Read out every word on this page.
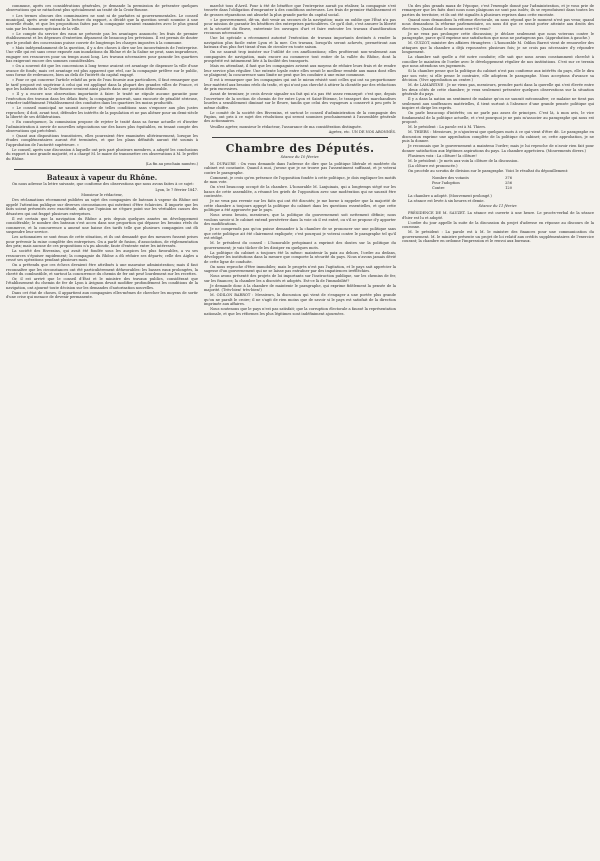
commune, après ces considérations générales, je demande la permission de présenter quelques observations qui se rattachent plus spécialement au traité de la Croix-Rousse.

« Les termes obscurs des commissaires ne sont ni de parfaites ni gouvernementales. Le conseil municipal, après avoir entendu la lecture du rapport, a décidé que la question serait soumise à une nouvelle étude, et que les propositions faites par la compagnie seraient examinées avec le plus grand soin par les hommes spéciaux de la ville.

« Le compte du service des eaux ne présente pas les avantages annoncés; les frais de premier établissement et les dépenses d'entretien dépassent de beaucoup les prévisions. Il est permis de douter que le produit des concessions puisse couvrir de longtemps les charges imposées à la commune.

« Mais indépendamment de la question, il y a des choses à dire sur les inconvénients de l'entreprise. Une ville qui est sans cesse exposée aux inondations du Rhône et de la Saône ne peut, sans imprudence, engager ses ressources pour un temps aussi long. Les travaux nécessaires pour garantir les quartiers bas exigeront encore des sommes considérables.

« On a souvent dit que les concessions à long terme avaient cet avantage de dispenser la ville d'une avance de fonds; mais cet avantage est plus apparent que réel, car la compagnie prélève sur le public, sous forme de redevances, bien au delà de l'intérêt du capital engagé.

« Pour ce qui concerne l'article relatif au prix de l'eau fournie aux particuliers, il faut remarquer que le tarif proposé est supérieur à celui qui est appliqué dans la plupart des grandes villes de France, et que les habitants de la Croix-Rousse seraient ainsi placés dans une position défavorable.

« Il y a encore une observation importante à faire: le traité ne stipule aucune garantie pour l'exécution des travaux dans les délais fixés; la compagnie pourrait, sans encourir de pénalité sérieuse, retarder indéfiniment l'établissement des conduites dans les quartiers les moins productifs.

« Le conseil municipal ne saurait accepter de telles conditions sans s'exposer aux plus justes reproches; il doit, avant tout, défendre les intérêts de la population et ne pas aliéner pour un demi-siècle la liberté de ses délibérations.

« En conséquence, la commission propose de rejeter le traité dans sa forme actuelle et d'inviter l'administration à ouvrir de nouvelles négociations sur des bases plus équitables, en tenant compte des observations qui précèdent.

« Quant aux dispositions transitoires, elles pourraient être examinées ultérieurement, lorsque les études complémentaires auront été terminées, et que les plans définitifs auront été soumis à l'approbation de l'autorité supérieure. »

Le conseil, après une discussion à laquelle ont pris part plusieurs membres, a adopté les conclusions du rapport à une grande majorité, et a chargé M. le maire de transmettre ces observations à M. le préfet du Rhône.

(La fin au prochain numéro.)

Bateaux à vapeur du Rhône.

On nous adresse la lettre suivante, que conforme des observations que nous avons faites à ce sujet:

Lyon, le 7 février 1847.

Monsieur le rédacteur,

Des réclamations récemment publiées au sujet des compagnies de bateaux à vapeur du Rhône ont appelé l'attention publique sur diverses circonstances qui méritent d'être éclaircies. Il importe que les faits soient présentés avec exactitude, afin que l'opinion ne s'égare point sur les véritables causes des désastres qui ont frappé plusieurs entreprises.

Il est certain que la navigation du Rhône a pris depuis quelques années un développement considérable; le nombre des bateaux s'est accru dans une proportion qui dépasse les besoins réels du commerce, et la concurrence a amené une baisse des tarifs telle que plusieurs compagnies ont dû suspendre leur service.

Les actionnaires se sont émus de cette situation, et ils ont demandé que des mesures fussent prises pour prévenir la ruine complète des entreprises. On a parlé de fusion, d'association, de réglementation des prix; mais aucune de ces propositions n'a pu aboutir, faute d'entente entre les intéressés.

La société des Riverains, qui avait été fondée sous les auspices les plus favorables, a vu ses ressources s'épuiser rapidement; la compagnie du Rhône a dû réduire ses départs; celle des Aigles a cessé ses opérations pendant plusieurs mois.

On a prétendu que ces échecs devaient être attribués à une mauvaise administration; mais il faut reconnaître que les circonstances ont été particulièrement défavorables: les basses eaux prolongées, la cherté du combustible, et surtout la concurrence du chemin de fer ont pesé lourdement sur les recettes.

Or, il est arrivé que le conseil d'État et le ministre des travaux publics, considérant que l'établissement du chemin de fer de Lyon à Avignon devait modifier profondément les conditions de la navigation, ont ajourné toute décision sur les demandes d'autorisation nouvelles.

Dans cet état de choses, il appartient aux compagnies elles-mêmes de chercher les moyens de sortir d'une crise qui menace de devenir permanente.

marché tous d'Avril. Pour à été de bénéfice que l'entreprise aurait pu réaliser, la compagnie s'est trouvée dans l'obligation d'emprunter à des conditions onéreuses. Les frais de premier établissement et de grosses réparations ont absorbé la plus grande partie du capital social.

« Le gouvernement, dit-on, doit venir au secours de la navigation; mais on oublie que l'État n'a pas pour mission de garantir les bénéfices des entreprises particulières. Ce qu'il doit, c'est assurer la liberté et la sécurité du fleuve, entretenir les ouvrages d'art et faire exécuter les travaux d'amélioration reconnus nécessaires.

Une loi spéciale a récemment autorisé l'exécution de travaux importants destinés à rendre la navigation plus facile entre Lyon et la mer. Ces travaux, lorsqu'ils seront achevés, permettront aux bateaux d'un plus fort tirant d'eau de circuler en toute saison.

On ne saurait trop insister sur l'utilité de ces améliorations; elles profiteront non-seulement aux compagnies de navigation, mais encore au commerce tout entier de la vallée du Rhône, dont la prospérité est intimement liée à la facilité des transports.

Mais en attendant, il faut que les compagnies avisent aux moyens de réduire leurs frais et de rendre leur service plus régulier. Une entente loyale entre elles serait le meilleur remède aux maux dont elles se plaignent; la concurrence sans limite ne peut que les conduire à une ruine commune.

Il est à remarquer que les compagnies qui ont le mieux résisté sont celles qui ont su proportionner leur matériel aux besoins réels du trafic, et qui n'ont pas cherché à attirer la clientèle par des réductions de prix excessives.

Avant de terminer, je crois devoir signaler un fait qui n'a pas été assez remarqué: c'est que, depuis l'ouverture de la section de chemin de fer entre Lyon et Saint-Étienne, le transport des marchandises lourdes a sensiblement diminué sur le fleuve, tandis que celui des voyageurs a conservé à peu près le même chiffre.

Le comité de la société des Riverains, et surtout le conseil d'administration de la compagnie des Papins, ont pris à ce sujet des résolutions qui seront soumises prochainement à l'assemblée générale des actionnaires.

Veuillez agréer, monsieur le rédacteur, l'assurance de ma considération distinguée.

Agréez, etc. UN DE NOS ABONNÉS.

Chambre des Députés.
Séance du 10 février.

M. DUFAURE : On vous demande dans l'adresse de dire que la politique libérale et modérée du cabinet est constante. Quand à moi, j'avoue que je ne trouve pas l'assentiment suffisant, et je voterai contre le paragraphe.

Comment, je crois qu'en présence de l'opposition fondée à cette politique, je dois expliquer les motifs de mon vote.

On s'est beaucoup occupé de la chambre. L'honorable M. Lanjuinais, qui a longtemps siégé sur les bancs de cette assemblée, a résumé les griefs de l'opposition avec une modération qui ne saurait être contestée.

Je ne veux pas revenir sur les faits qui ont été discutés; je me borne à rappeler que la majorité de cette chambre a toujours appuyé la politique du cabinet dans les questions essentielles, et que cette politique a été approuvée par le pays.

Nous avons besoin, messieurs, que la politique du gouvernement soit nettement définie; nous voulons savoir si le cabinet entend persévérer dans la voie où il est entré, ou s'il se propose d'y apporter des modifications.

Je ne comprends pas qu'on puisse demander à la chambre de se prononcer sur une politique sans que cette politique ait été clairement expliquée; c'est pourquoi je voterai contre le paragraphe tel qu'il est rédigé.

M. le président du conseil : L'honorable préopinant a exprimé des doutes sur la politique du gouvernement; je vais tâcher de les dissiper en quelques mots.

La politique du cabinet a toujours été la même: maintenir la paix au dehors, l'ordre au dedans, développer les institutions dans la mesure que comporte la sécurité du pays. Nous n'avons jamais dévié de cette ligne de conduite.

On nous reproche d'être immobiles; mais le progrès n'est pas l'agitation, et le pays sait apprécier la sagesse d'un gouvernement qui ne se laisse pas entraîner par des impatiences irréfléchies.

Nous avons présenté des projets de loi importants sur l'instruction publique, sur les chemins de fer, sur les finances; la chambre les a discutés et adoptés. Est-ce là de l'immobilité?

Je demande donc à la chambre de maintenir le paragraphe, qui exprime fidèlement la pensée de la majorité. (Très-bien! très-bien!)

M. ODILON BARROT : Messieurs, la discussion qui vient de s'engager a une portée plus grande qu'on ne paraît le croire; il ne s'agit de rien moins que de savoir si le pays est satisfait de la direction imprimée aux affaires.

Nous soutenons que le pays n'est pas satisfait; que la corruption électorale a faussé la représentation nationale, et que les réformes les plus légitimes sont indéfiniment ajournées.

Un des plus grands maux de l'époque, c'est l'exemple donné par l'administration, et je vous prie de remarquer que les faits dont nous nous plaignons ne sont pas isolés; ils se reproduisent dans toutes les parties du territoire, et ils ont été signalés à plusieurs reprises dans cette enceinte.

Quand nous demandons la réforme électorale, on nous répond que le moment n'est pas venu; quand nous demandons la réforme parlementaire, on nous dit que ce serait porter atteinte aux droits des électeurs. Quand donc le moment sera-t-il venu?

Je ne veux pas prolonger cette discussion; je déclare seulement que nous voterons contre le paragraphe, parce qu'il exprime une satisfaction que nous ne partageons pas. (Approbation à gauche.)

M. GUIZOT, ministre des affaires étrangères : L'honorable M. Odilon Barrot vient de renouveler des attaques que la chambre a déjà repoussées plusieurs fois; je ne crois pas nécessaire d'y répondre longuement.

La chambre sait quelle a été notre conduite; elle sait que nous avons constamment cherché à concilier le maintien de l'ordre avec le développement régulier de nos institutions. C'est sur ce terrain que nous attendons ses jugements.

Si la chambre pense que la politique du cabinet n'est pas conforme aux intérêts du pays, elle le dira par son vote; si elle pense le contraire, elle adoptera le paragraphe. Nous acceptons d'avance sa décision. (Vive approbation au centre.)

M. de LAMARTINE : Je ne viens pas, messieurs, prendre parti dans la querelle qui s'est élevée entre les deux côtés de cette chambre; je veux seulement présenter quelques observations sur la situation générale du pays.

Il y a dans la nation un sentiment de malaise qu'on ne saurait méconnaître; ce malaise ne tient pas seulement aux souffrances matérielles, il tient surtout à l'absence d'une grande pensée politique qui inspire et dirige les esprits.

On parle beaucoup d'intérêts; on ne parle pas assez de principes. C'est là, à mon avis, le vice fondamental de la politique actuelle, et c'est pourquoi je ne puis m'associer au paragraphe qui nous est proposé.

M. le président : La parole est à M. Thiers.

M. THIERS : Messieurs, je n'ajouterai que quelques mots à ce qui vient d'être dit. Le paragraphe en discussion exprime une approbation complète de la politique du cabinet; or, cette approbation, je ne puis la donner.

Je reconnais que le gouvernement a maintenu l'ordre; mais je lui reproche de n'avoir rien fait pour donner satisfaction aux légitimes aspirations du pays. La chambre appréciera. (Mouvements divers.)

Plusieurs voix : La clôture! la clôture!

M. le président : Je mets aux voix la clôture de la discussion.

(La clôture est prononcée.)

On procède au scrutin de division sur le paragraphe. Voici le résultat du dépouillement:

Nombre des votants	376
Pour l'adoption	256
Contre	120

La chambre a adopté. (Mouvement prolongé.)

La séance est levée à six heures et demie.

Séance du 11 février.

PRÉSIDENCE DE M. SAUZET. La séance est ouverte à une heure. Le procès-verbal de la séance d'hier est lu et adopté.

L'ordre du jour appelle la suite de la discussion du projet d'adresse en réponse au discours de la couronne.

M. le président : La parole est à M. le ministre des finances pour une communication du gouvernement. M. le ministre présente un projet de loi relatif aux crédits supplémentaires de l'exercice courant; la chambre en ordonne l'impression et le renvoi aux bureaux.
